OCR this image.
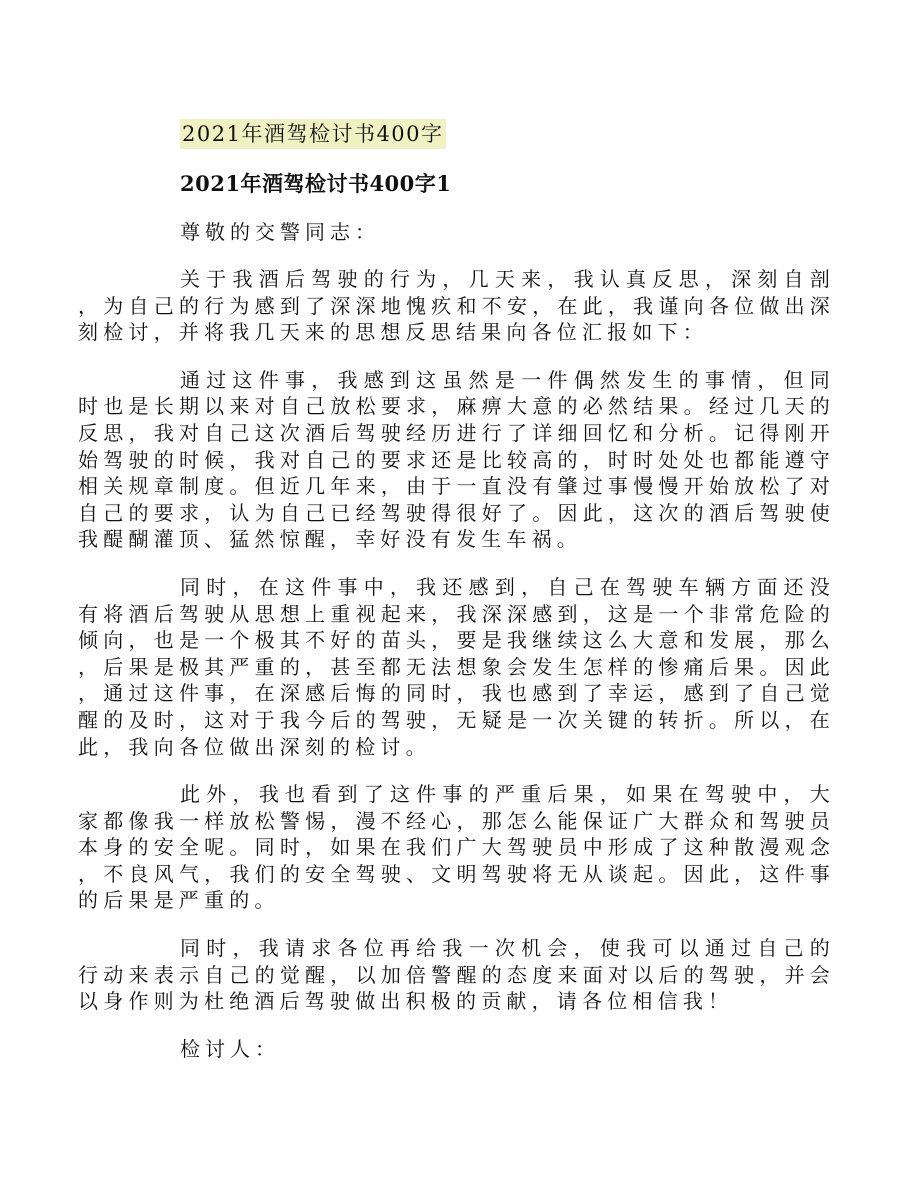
2021年酒驾检讨书400字
2021年酒驾检讨书400字1
尊敬的交警同志：

关于我酒后驾驶的行为，几天来，我认真反思，深刻自剖，为自己的行为感到了深深地愧疚和不安，在此，我谨向各位做出深刻检讨，并将我几天来的思想反思结果向各位汇报如下：

通过这件事，我感到这虽然是一件偶然发生的事情，但同时也是长期以来对自己放松要求，麻痹大意的必然结果。经过几天的反思，我对自己这次酒后驾驶经历进行了详细回忆和分析。记得刚开始驾驶的时候，我对自己的要求还是比较高的，时时处处也都能遵守相关规章制度。但近几年来，由于一直没有肇过事慢慢开始放松了对自己的要求，认为自己已经驾驶得很好了。因此，这次的酒后驾驶使我醍醐灌顶、猛然惊醒，幸好没有发生车祸。

同时，在这件事中，我还感到，自己在驾驶车辆方面还没有将酒后驾驶从思想上重视起来，我深深感到，这是一个非常危险的倾向，也是一个极其不好的苗头，要是我继续这么大意和发展，那么，后果是极其严重的，甚至都无法想象会发生怎样的惨痛后果。因此，通过这件事，在深感后悔的同时，我也感到了幸运，感到了自己觉醒的及时，这对于我今后的驾驶，无疑是一次关键的转折。所以，在此，我向各位做出深刻的检讨。

此外，我也看到了这件事的严重后果，如果在驾驶中，大家都像我一样放松警惕，漫不经心，那怎么能保证广大群众和驾驶员本身的安全呢。同时，如果在我们广大驾驶员中形成了这种散漫观念，不良风气，我们的安全驾驶、文明驾驶将无从谈起。因此，这件事的后果是严重的。

同时，我请求各位再给我一次机会，使我可以通过自己的行动来表示自己的觉醒，以加倍警醒的态度来面对以后的驾驶，并会以身作则为杜绝酒后驾驶做出积极的贡献，请各位相信我！

检讨人：
